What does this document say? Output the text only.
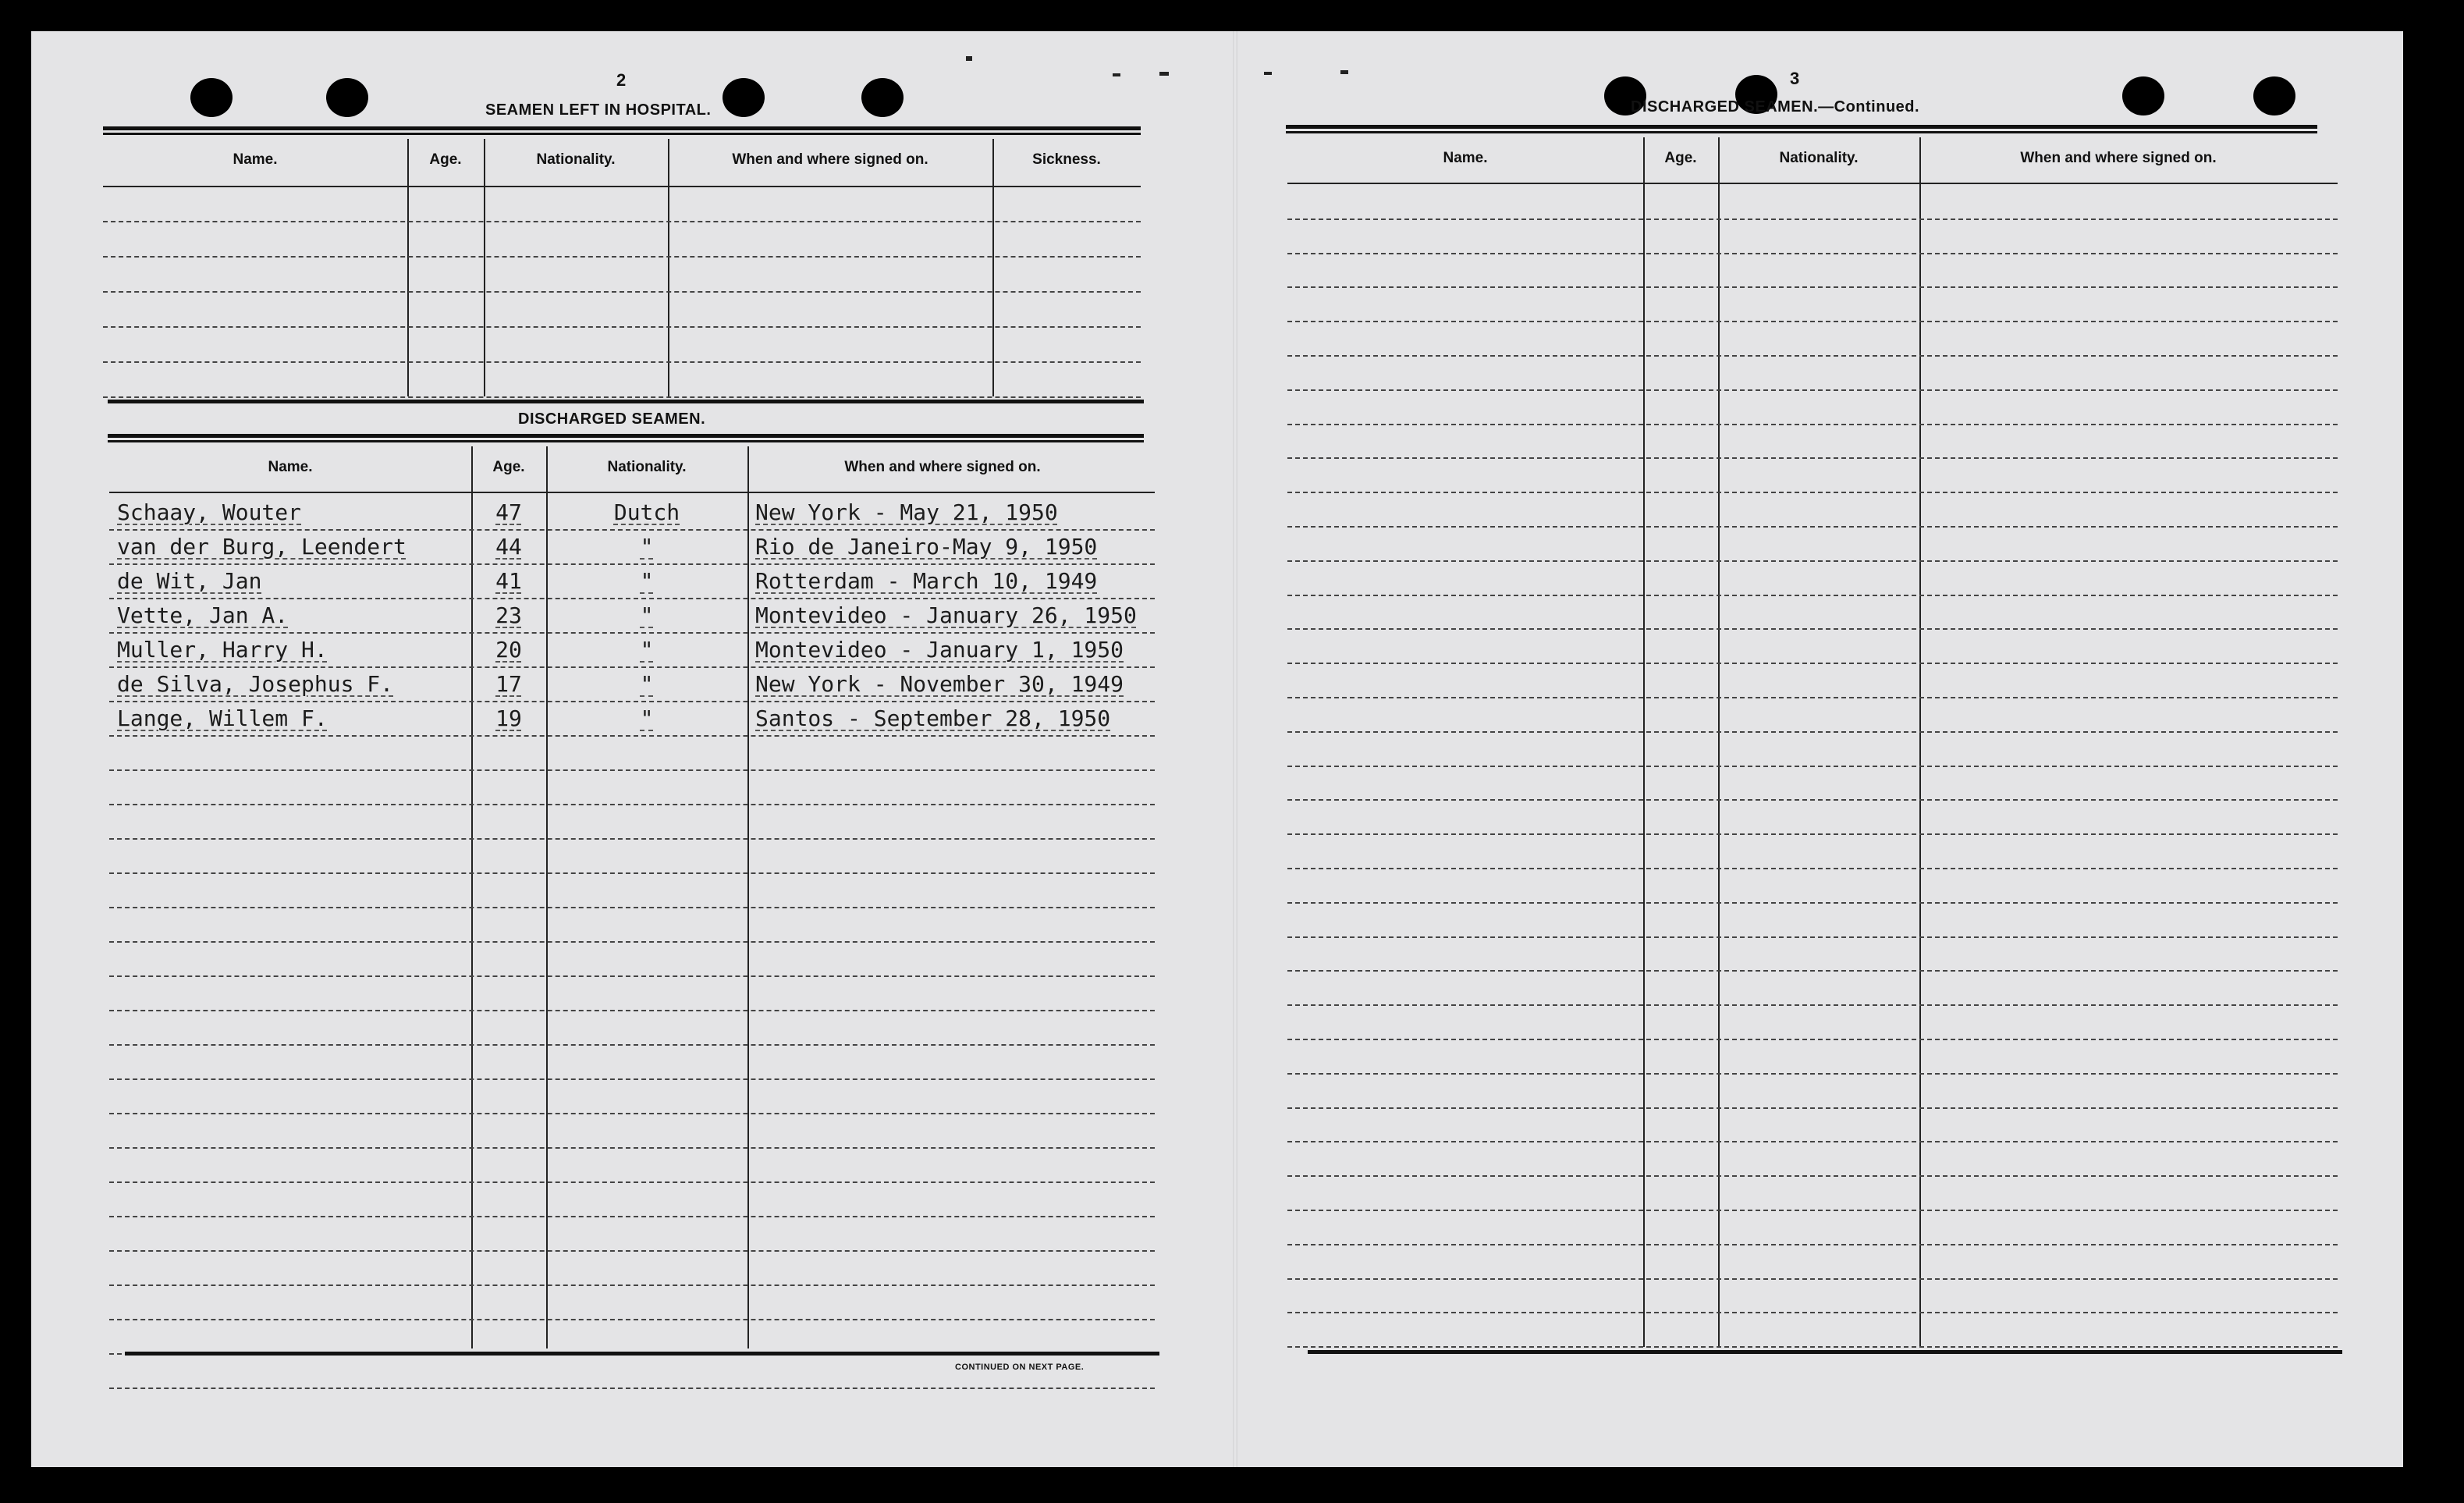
2
SEAMEN LEFT IN HOSPITAL.
Name.	Age.	Nationality.	When and where signed on.	Sickness.
DISCHARGED SEAMEN.
Name.	Age.	Nationality.	When and where signed on.
Schaay, Wouter	47	Dutch	New York - May 21, 1950
van der Burg, Leendert	44	"	Rio de Janeiro-May 9, 1950
de Wit, Jan	41	"	Rotterdam - March 10, 1949
Vette, Jan A.	23	"	Montevideo - January 26, 1950
Muller, Harry H.	20	"	Montevideo - January 1, 1950
de Silva, Josephus F.	17	"	New York - November 30, 1949
Lange, Willem F.	19	"	Santos - September 28, 1950
CONTINUED ON NEXT PAGE.
3
DISCHARGED SEAMEN.—Continued.
Name.	Age.	Nationality.	When and where signed on.
